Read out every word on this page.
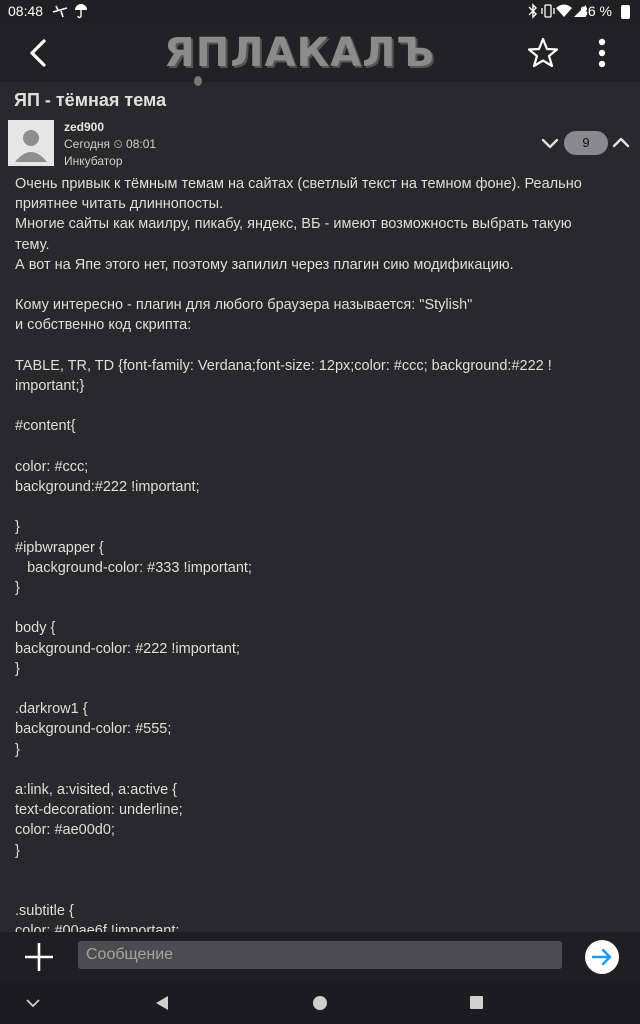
08:48	86 %
ЯПЛАКАЛЪ
ЯП - тёмная тема
zed900
Сегодня ⏲ 08:01
Инкубатор
9
Очень привык к тёмным темам на сайтах (светлый текст на темном фоне). Реально
приятнее читать длиннопосты.
Многие сайты как маилру, пикабу, яндекс, ВБ - имеют возможность выбрать такую
тему.
А вот на Япе этого нет, поэтому запилил через плагин сию модификацию.
Кому интересно - плагин для любого браузера называется: "Stylish"
и собственно код скрипта:
TABLE, TR, TD {font-family: Verdana;font-size: 12px;color: #ccc; background:#222 !
important;}
#content{
color: #ccc;
background:#222 !important;
}
#ipbwrapper {
background-color: #333 !important;
}
body {
background-color: #222 !important;
}
.darkrow1 {
background-color: #555;
}
a:link, a:visited, a:active {
text-decoration: underline;
color: #ae00d0;
}
.subtitle {
Сообщение
